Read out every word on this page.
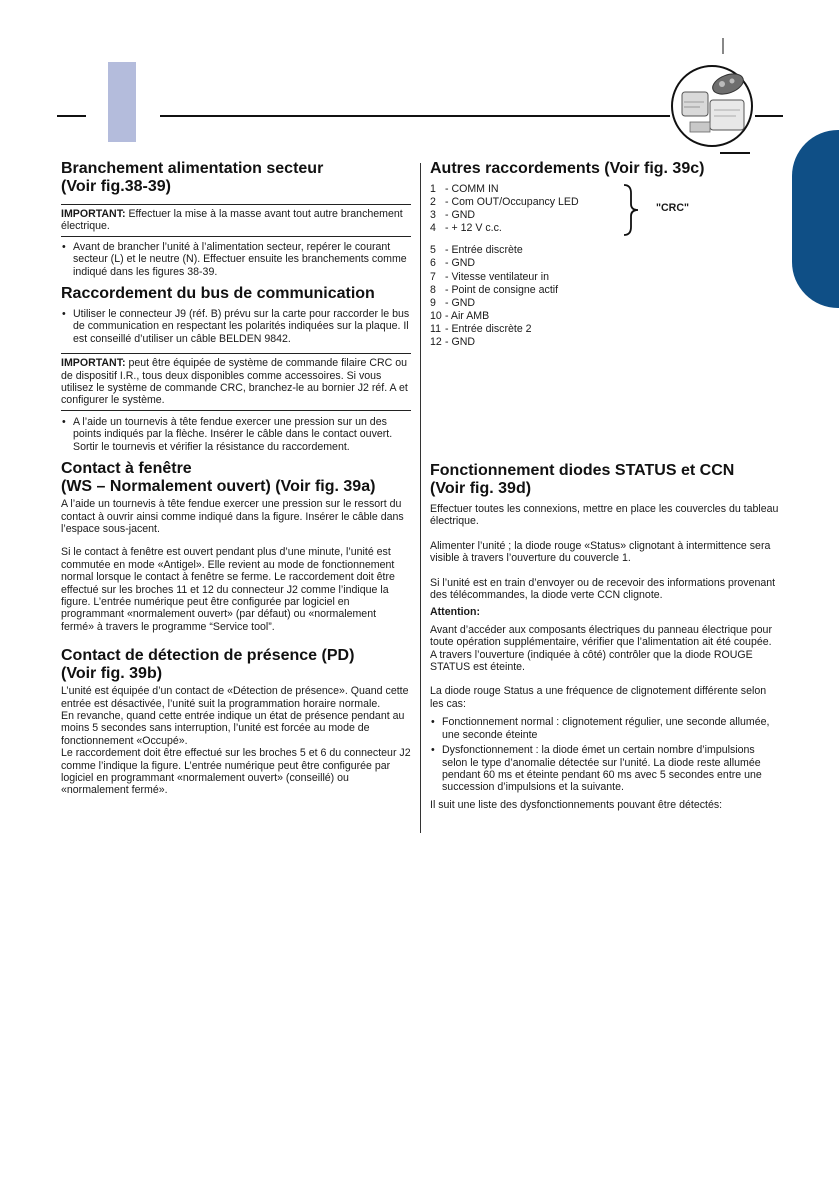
Branchement alimentation secteur
(Voir fig.38-39)

IMPORTANT: Effectuer la mise à la masse avant tout autre branchement électrique.

• Avant de brancher l’unité à l’alimentation secteur, repérer le courant secteur (L) et le neutre (N). Effectuer ensuite les branchements comme indiqué dans les figures 38-39.

Raccordement du bus de communication

• Utiliser le connecteur J9 (réf. B) prévu sur la carte pour raccorder le bus de communication en respectant les polarités indiquées sur la plaque. Il est conseillé d’utiliser un câble BELDEN 9842.

IMPORTANT: peut être équipée de système de commande filaire CRC ou de dispositif I.R., tous deux disponibles comme accessoires. Si vous utilisez le système de commande CRC, branchez-le au bornier J2 réf. A et configurer le système.

• A l’aide un tournevis à tête fendue exercer une pression sur un des points indiqués par la flèche. Insérer le câble dans le contact ouvert. Sortir le tournevis et vérifier la résistance du raccordement.

Contact à fenêtre
(WS – Normalement ouvert) (Voir fig. 39a)

A l’aide un tournevis à tête fendue exercer une pression sur le ressort du contact à ouvrir ainsi comme indiqué dans la figure. Insérer le câble dans l’espace sous-jacent.

Si le contact à fenêtre est ouvert pendant plus d’une minute, l’unité est commutée en mode «Antigel». Elle revient au mode de fonctionnement normal lorsque le contact à fenêtre se ferme. Le raccordement doit être effectué sur les broches 11 et 12 du connecteur J2 comme l’indique la figure. L’entrée numérique peut être configurée par logiciel en programmant «normalement ouvert» (par défaut) ou «normalement fermé» à travers le programme “Service tool”.

Contact de détection de présence (PD)
(Voir fig. 39b)

L’unité est équipée d’un contact de «Détection de présence». Quand cette entrée est désactivée, l’unité suit la programmation horaire normale.

En revanche, quand cette entrée indique un état de présence pendant au moins 5 secondes sans interruption, l’unité est forcée au mode de fonctionnement «Occupé».

Le raccordement doit être effectué sur les broches 5 et 6 du connecteur J2 comme l’indique la figure. L’entrée numérique peut être configurée par logiciel en programmant «normalement ouvert» (conseillé) ou «normalement fermé».

Autres raccordements (Voir fig. 39c)
1 - COMM IN
2 - Com OUT/Occupancy LED
3 - GND
4 - + 12 V c.c.
"CRC"
5 - Entrée discrète
6 - GND
7 - Vitesse ventilateur in
8 - Point de consigne actif
9 - GND
10 - Air AMB
11 - Entrée discrète 2
12 - GND
Fonctionnement diodes STATUS et CCN
(Voir fig. 39d)

Effectuer toutes les connexions, mettre en place les couvercles du tableau électrique.

Alimenter l’unité ; la diode rouge «Status» clignotant à intermittence sera visible à travers l’ouverture du couvercle 1.

Si l’unité est en train d’envoyer ou de recevoir des informations provenant des télécommandes, la diode verte CCN clignote.

Attention:

Avant d’accéder aux composants électriques du panneau électrique pour toute opération supplémentaire, vérifier que l’alimentation ait été coupée. A travers l’ouverture (indiquée à côté) contrôler que la diode ROUGE STATUS est éteinte.

La diode rouge Status a une fréquence de clignotement différente selon les cas:

• Fonctionnement normal : clignotement régulier, une seconde allumée, une seconde éteinte

• Dysfonctionnement : la diode émet un certain nombre d’impulsions selon le type d’anomalie détectée sur l’unité. La diode reste allumée pendant 60 ms et éteinte pendant 60 ms avec 5 secondes entre une succession d’impulsions et la suivante.

Il suit une liste des dysfonctionnements pouvant être détectés:
